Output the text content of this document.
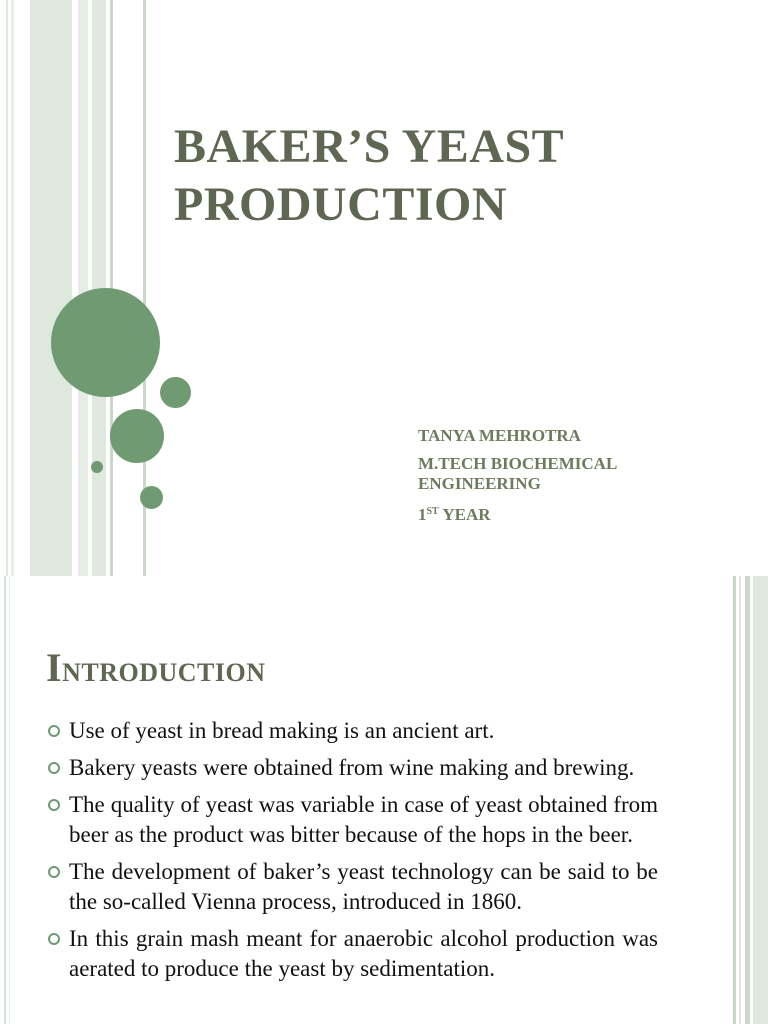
BAKER’S YEAST
PRODUCTION
TANYA MEHROTRA
M.TECH BIOCHEMICAL
ENGINEERING
1ST YEAR
INTRODUCTION
Use of yeast in bread making is an ancient art.
Bakery yeasts were obtained from wine making and brewing.
The quality of yeast was variable in case of yeast obtained from beer as the product was bitter because of the hops in the beer.
The development of baker’s yeast technology can be said to be the so-called Vienna process, introduced in 1860.
In this grain mash meant for anaerobic alcohol production was aerated to produce the yeast by sedimentation.
